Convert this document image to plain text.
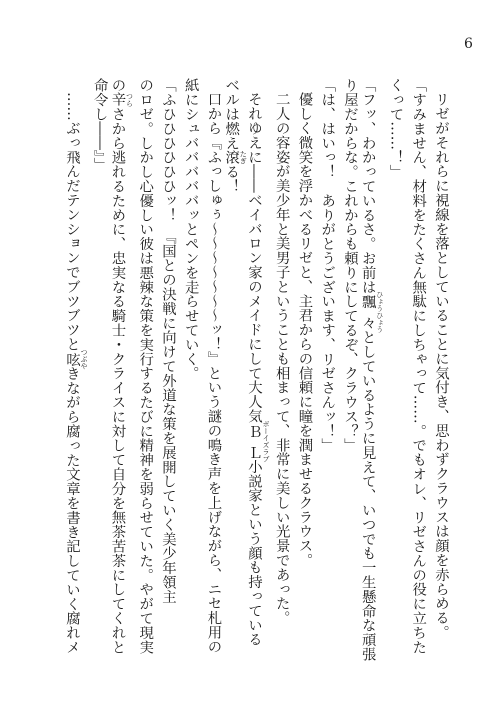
6
リゼがそれらに視線を落としていることに気付き、思わずクラウスは顔を赤らめる。
「すみません、材料をたくさん無駄にしちゃって……。でもオレ、リゼさんの役に立ちた
くって……！」
「フッ、わかっているさ。お前は飄々 ひょうひょうとしているように見えて、いつでも一生懸命な頑張
り屋だからな。これからも頼りにしてるぞ、クラウス？」
「は、はいっ！　ありがとうございます、リゼさんッ！」
優しく微笑を浮かべるリゼと、主君からの信頼に瞳を潤ませるクラウス。
二人の容姿が美少年と美男子ということも相まって、非常に美しい光景であった。
それゆえに――ベイバロン家のメイドにして大人気ＢＬ ボーイズラブ小説家という顔も持っている
ベルは燃え滾 たぎる！
口から『ふっしゅぅ〜〜〜〜〜〜〜ッ！』という謎の鳴き声を上げながら、ニセ札用の
紙にシュバババババッとペンを走らせていく。
「ふひひひひひひッ！　『国との決戦に向けて外道な策を展開していく美少年領主
のロゼ。しかし心優しい彼は悪辣な策を実行するたびに精神を弱らせていた。やがて現実
の辛 つらさから逃れるために、忠実なる騎士・クライスに対して自分を無茶苦茶にしてくれと
命令し――』」
……ぶっ飛んだテンションでブツブツと呟 つぶやきながら腐った文章を書き記していく腐れメ
